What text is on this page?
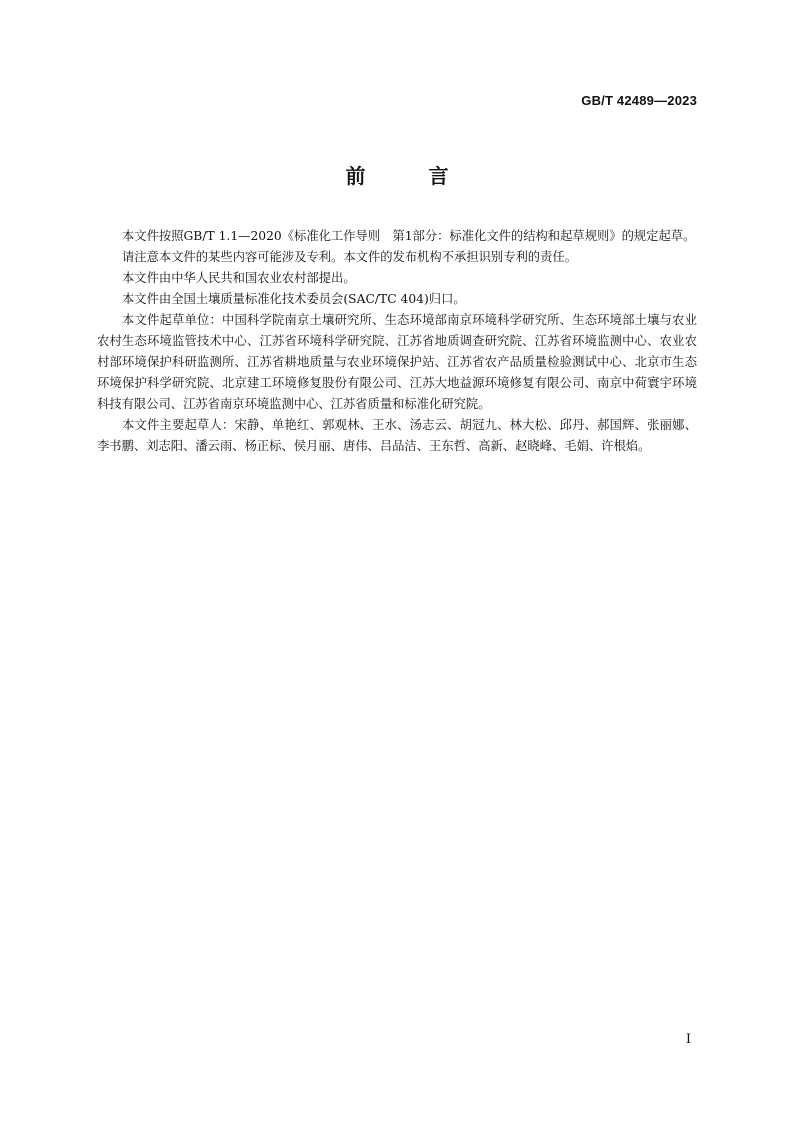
GB/T 42489—2023
前 言

本文件按照GB/T 1.1—2020《标准化工作导则　第1部分：标准化文件的结构和起草规则》的规定起草。

请注意本文件的某些内容可能涉及专利。本文件的发布机构不承担识别专利的责任。

本文件由中华人民共和国农业农村部提出。

本文件由全国土壤质量标准化技术委员会(SAC/TC 404)归口。

本文件起草单位：中国科学院南京土壤研究所、生态环境部南京环境科学研究所、生态环境部土壤与农业农村生态环境监管技术中心、江苏省环境科学研究院、江苏省地质调查研究院、江苏省环境监测中心、农业农村部环境保护科研监测所、江苏省耕地质量与农业环境保护站、江苏省农产品质量检验测试中心、北京市生态环境保护科学研究院、北京建工环境修复股份有限公司、江苏大地益源环境修复有限公司、南京中荷寰宇环境科技有限公司、江苏省南京环境监测中心、江苏省质量和标准化研究院。

本文件主要起草人：宋静、单艳红、郭观林、王水、汤志云、胡冠九、林大松、邱丹、郝国辉、张丽娜、李书鹏、刘志阳、潘云雨、杨正标、侯月丽、唐伟、吕品洁、王东哲、高新、赵晓峰、毛娟、许根焰。

I
